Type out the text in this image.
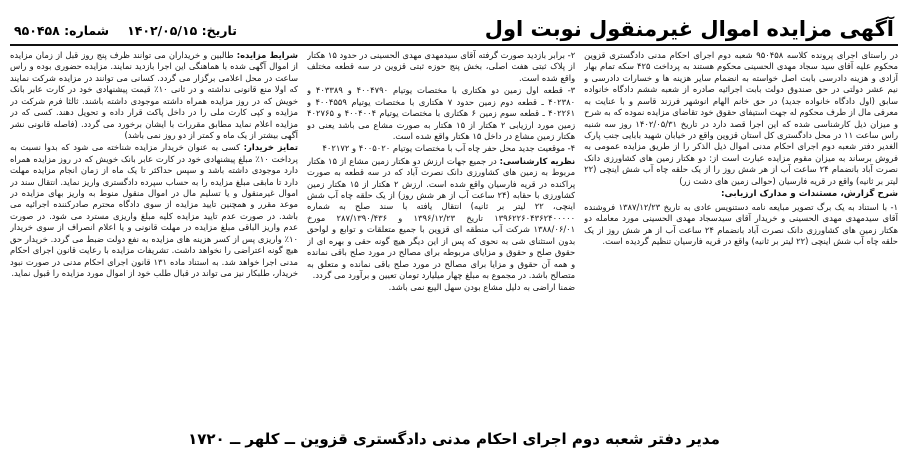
آگهی مزایده اموال غیرمنقول نوبت اول
تاریخ: ۱۴۰۲/۰۵/۱۵
شماره: ۹۵۰۴۵۸

در راستای اجرای پرونده کلاسه ۹۵۰۴۵۸ شعبه دوم اجرای احکام مدنی دادگستری قزوین محکوم علیه آقای سید سجاد مهدی الحسینی محکوم هستند به پرداخت ۴۲۵ سکه تمام بهار آزادی و هزینه دادرسی بابت اصل خواسته به انضمام سایر هزینه ها و خسارات دادرسی و نیم عشر دولتی در حق صندوق دولت بابت اجرائیه صادره از شعبه ششم دادگاه خانواده سابق (اول دادگاه خانواده جدید) در حق خانم الهام انوشهر فرزند قاسم و با عنایت به معرفی مال از طرف محکوم له جهت استیفای حقوق خود تقاضای مزایده نموده که به شرح و میزان ذیل کارشناسی شده که این اجرا قصد دارد در تاریخ ۱۴۰۲/۰۵/۳۱ روز سه شنبه راس ساعت ۱۱ در محل دادگستری کل استان قزوین واقع در خیابان شهید بابایی جنب پارک الغدیر دفتر شعبه دوم اجرای احکام مدنی اموال ذیل الذکر را از طریق مزایده عمومی به فروش برساند به میزان مقوم مزایده عبارت است از: دو هکتار زمین های کشاورزی دانک نصرت آباد بانضمام ۲۴ ساعت آب از هر شش روز را از یک حلقه چاه آب شش اینچی (۲۲ لیتر بر ثانیه) واقع در قریه فارسیان (حوالی زمین های دشت زر)

شرح گزارش، مستندات و مدارک ارزیابی:

۱- با استناد به یک برگ تصویر مبایعه نامه دستنویس عادی به تاریخ ۱۳۸۷/۱۲/۲۳ فروشنده آقای سیدمهدی مهدی الحسینی و خریدار آقای سیدسجاد مهدی الحسینی مورد معامله دو هکتار زمین های کشاورزی دانک نصرت آباد بانضمام ۲۴ ساعت آب از هر شش روز از یک حلقه چاه آب شش اینچی (۲۲ لیتر بر ثانیه) واقع در قریه فارسیان تنظیم گردیده است.

۲- برابر بازدید صورت گرفته آقای سیدمهدی مهدی الحسینی در حدود ۱۵ هکتار از پلاک ثبتی هفت اصلی، بخش پنج حوزه ثبتی قزوین در سه قطعه مختلف واقع شده است.

۳- قطعه اول زمین دو هکتاری با مختصات یوتیام ۴۰۰۴۷۹۰ و ۴۰۳۳۸۹ و ۴۰۲۳۸۰ ـ قطعه دوم زمین حدود ۷ هکتاری با مختصات یوتیام ۴۰۰۴۵۵۹ و ۴۰۲۲۶۱ ـ قطعه سوم زمین ۶ هکتاری با مختصات یوتیام ۴۰۰۴۰۰۴ و ۴۰۲۷۶۵ زمین مورد ارزیابی ۲ هکتار از ۱۵ هکتار به صورت مشاع می باشد یعنی دو هکتار زمین مشاع در داخل ۱۵ هکتار واقع شده است.

۴- موقعیت جدید محل حفر چاه آب با مختصات یوتیام ۴۰۰۵۰۲۰ و ۴۰۲۱۷۲

نظریه کارشناسی: در جمیع جهات ارزش دو هکتار زمین مشاع از ۱۵ هکتار مربوط به زمین های کشاورزی دانک نصرت آباد که در سه قطعه به صورت پراکنده در قریه فارسیان واقع شده است. ارزش ۲ هکتار از ۱۵ هکتار زمین کشاورزی با حقابه (۲۴ ساعت آب از هر شش روز) از یک حلقه چاه آب شش اینچی، ۲۲ لیتر بر ثانیه) انتقال یافته با سند صلح به شماره ۱۳۹۶۲۲۶۰۴۳۶۲۴۰۰۰۰۰ تاریخ ۱۳۹۶/۱۲/۲۳ و ۲۸۷/۱۳۹۰/۴۳۶ مورخ ۱۳۸۸/۰۶/۰۱ شرکت آب منطقه ای قزوین با جمیع متعلقات و توابع و لواحق بدون استثنای شی به نحوی که پس از این دیگر هیچ گونه حقی و بهره ای از حقوق صلح و حقوق و مزایای مربوطه برای مصالح در مورد صلح باقی نمانده و همه آن حقوق و مزایا برای مصالح در مورد صلح باقی نمانده و متعلق به متصالح باشد. در مجموع به مبلغ چهار میلیارد تومان تعیین و برآورد می گردد.

ضمنا اراضی به دلیل مشاع بودن سهل الیبع نمی باشد.

شرایط مزایده: طالبین و خریداران می توانند ظرف پنج روز قبل از زمان مزایده از اموال آگهی شده با هماهنگی این اجرا بازدید نمایند. مزایده حضوری بوده و راس ساعت در محل اعلامی برگزار می گردد. کسانی می توانند در مزایده شرکت نمایند که اولا منع قانونی نداشته و در ثانی ۱۰٪ قیمت پیشنهادی خود در کارت عابر بانک خویش که در روز مزایده همراه داشته موجودی داشته باشند. ثالثا فرم شرکت در مزایده و کپی کارت ملی را در داخل پاکت قرار داده و تحویل دهند. کسی که در مزایده اعلام نماید مطابق مقررات با ایشان برخورد می گردد. (فاصله قانونی نشر آگهی بیشتر از یک ماه و کمتر از دو روز نمی باشد)

تمایز خریدار: کسی به عنوان خریدار مزایده شناخته می شود که بدوا نسبت به پرداخت ۱۰٪ مبلغ پیشنهادی خود در کارت عابر بانک خویش که در روز مزایده همراه دارد موجودی داشته باشد و سپس حداکثر تا یک ماه از زمان انجام مزایده مهلت دارد تا مابقی مبلغ مزایده را به حساب سپرده دادگستری واریز نماید. انتقال سند در اموال غیرمنقول و یا تسلیم مال در اموال منقول منوط به واریز بهای مزایده در موعد مقرر و همچنین تایید مزایده از سوی دادگاه محترم صادرکننده اجرائیه می باشد. در صورت عدم تایید مزایده کلیه مبلغ واریزی مسترد می شود. در صورت عدم واریز الباقی مبلغ مزایده در مهلت قانونی و یا اعلام انصراف از سوی خریدار ۱۰٪ واریزی پس از کسر هزینه های مزایده به نفع دولت ضبط می گردد. خریدار حق هیچ گونه اعتراضی را نخواهد داشت. تشریفات مزایده با رعایت قانون اجرای احکام مدنی اجرا خواهد شد. به استناد ماده ۱۳۱ قانون اجرای احکام مدنی در صورت نبود خریدار، طلبکار نیز می تواند در قبال طلب خود از اموال مورد مزایده را قبول نماید.

مدیر دفتر شعبه دوم اجرای احکام مدنی دادگستری قزوین ــ کلهر ــ ۱۷۲۰
